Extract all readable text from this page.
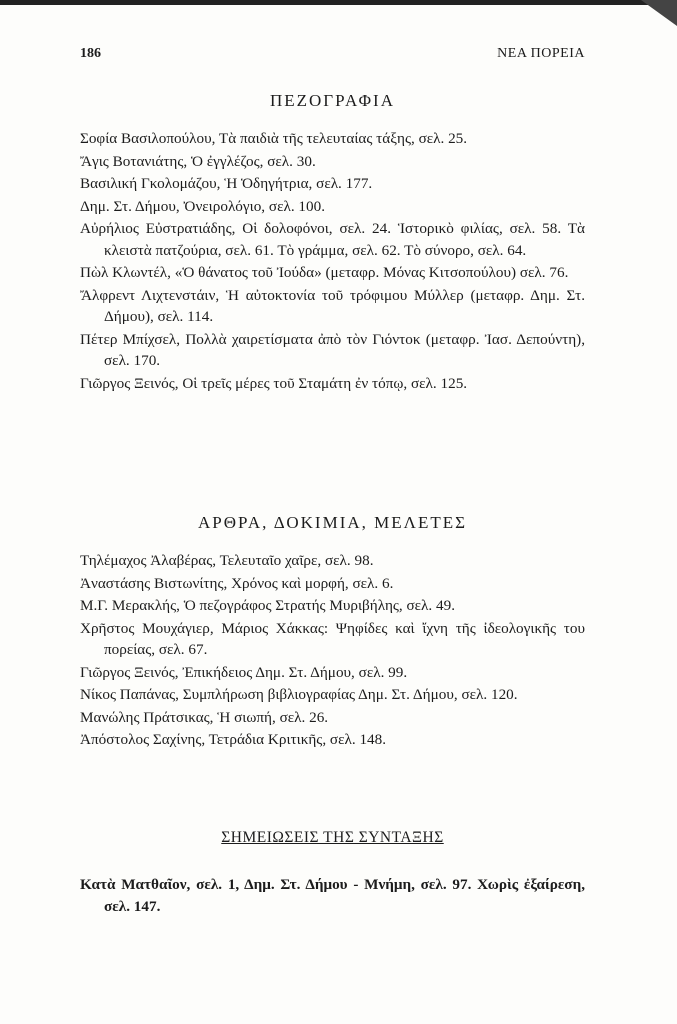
186	ΝΕΑ ΠΟΡΕΙΑ
ΠΕΖΟΓΡΑΦΙΑ

Σοφία Βασιλοπούλου, Τὰ παιδιὰ τῆς τελευταίας τάξης, σελ. 25.

Ἄγις Βοτανιάτης, Ὁ ἐγγλέζος, σελ. 30.

Βασιλική Γκολομάζου, Ἡ Ὁδηγήτρια, σελ. 177.

Δημ. Στ. Δήμου, Ὀνειρολόγιο, σελ. 100.

Αὐρήλιος Εὐστρατιάδης, Οἱ δολοφόνοι, σελ. 24. Ἱστορικὸ φιλίας, σελ. 58. Τὰ κλειστὰ πατζούρια, σελ. 61. Τὸ γράμμα, σελ. 62. Τὸ σύνορο, σελ. 64.

Πὼλ Κλωντέλ, «Ὁ θάνατος τοῦ Ἰούδα» (μεταφρ. Μόνας Κιτσοπούλου) σελ. 76.

Ἄλφρεντ Λιχτενστάιν, Ἡ αὐτοκτονία τοῦ τρόφιμου Μύλλερ (μεταφρ. Δημ. Στ. Δήμου), σελ. 114.

Πέτερ Μπίχσελ, Πολλὰ χαιρετίσματα ἀπὸ τὸν Γιόντοκ (μεταφρ. Ἰασ. Δεπούντη), σελ. 170.

Γιῶργος Ξεινός, Οἱ τρεῖς μέρες τοῦ Σταμάτη ἐν τόπῳ, σελ. 125.

ΑΡΘΡΑ, ΔΟΚΙΜΙΑ, ΜΕΛΕΤΕΣ

Τηλέμαχος Ἀλαβέρας, Τελευταῖο χαῖρε, σελ. 98.

Ἀναστάσης Βιστωνίτης, Χρόνος καὶ μορφή, σελ. 6.

Μ.Γ. Μερακλής, Ὁ πεζογράφος Στρατής Μυριβήλης, σελ. 49.

Χρῆστος Μουχάγιερ, Μάριος Χάκκας: Ψηφίδες καὶ ἴχνη τῆς ἰδεολογικῆς του πορείας, σελ. 67.

Γιῶργος Ξεινός, Ἐπικήδειος Δημ. Στ. Δήμου, σελ. 99.

Νίκος Παπάνας, Συμπλήρωση βιβλιογραφίας Δημ. Στ. Δήμου, σελ. 120.

Μανώλης Πράτσικας, Ἡ σιωπή, σελ. 26.

Ἀπόστολος Σαχίνης, Τετράδια Κριτικῆς, σελ. 148.

ΣΗΜΕΙΩΣΕΙΣ ΤΗΣ ΣΥΝΤΑΞΗΣ

Κατὰ Ματθαῖον, σελ. 1, Δημ. Στ. Δήμου - Μνήμη, σελ. 97. Χωρὶς ἐξαίρεση, σελ. 147.
